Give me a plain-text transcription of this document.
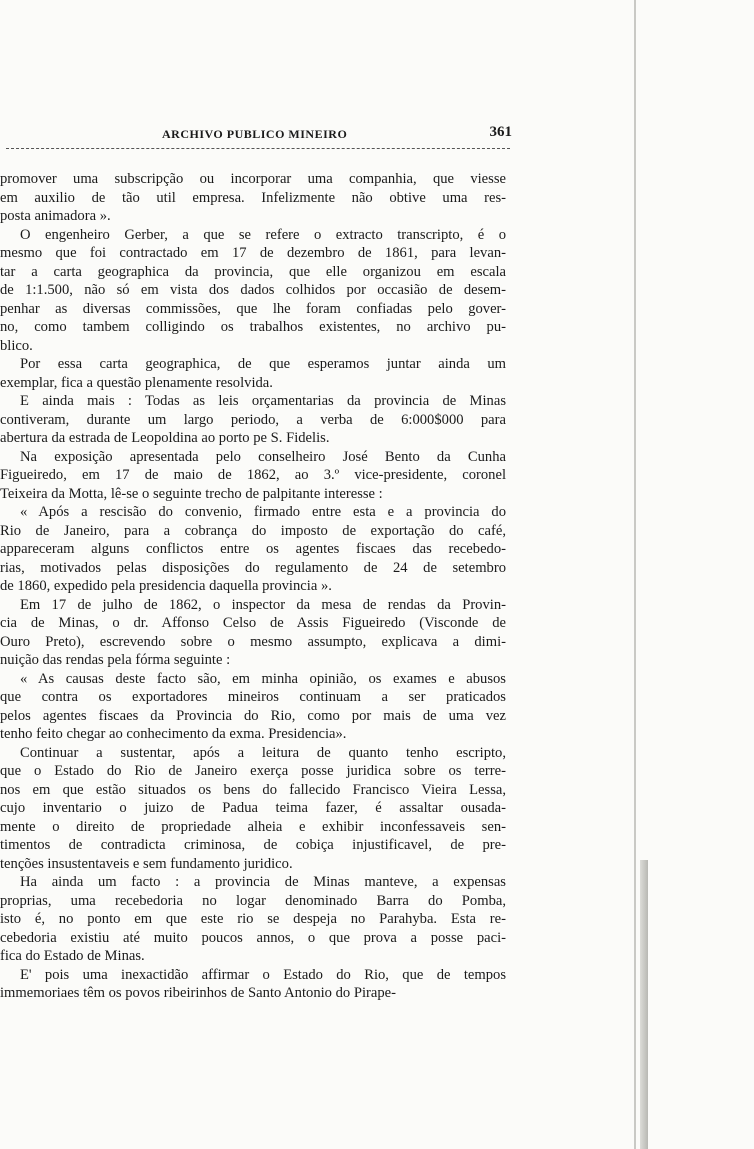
ARCHIVO PUBLICO MINEIRO	361

promover uma subscripção ou incorporar uma companhia, que viesse
em auxilio de tão util empresa. Infelizmente não obtive uma res-
posta animadora ».

O engenheiro Gerber, a que se refere o extracto transcripto, é o
mesmo que foi contractado em 17 de dezembro de 1861, para levan-
tar a carta geographica da provincia, que elle organizou em escala
de 1:1.500, não só em vista dos dados colhidos por occasião de desem-
penhar as diversas commissões, que lhe foram confiadas pelo gover-
no, como tambem colligindo os trabalhos existentes, no archivo pu-
blico.

Por essa carta geographica, de que esperamos juntar ainda um
exemplar, fica a questão plenamente resolvida.

E ainda mais : Todas as leis orçamentarias da provincia de Minas
contiveram, durante um largo periodo, a verba de 6:000$000 para
abertura da estrada de Leopoldina ao porto pe S. Fidelis.

Na exposição apresentada pelo conselheiro José Bento da Cunha
Figueiredo, em 17 de maio de 1862, ao 3.º vice-presidente, coronel
Teixeira da Motta, lê-se o seguinte trecho de palpitante interesse :

« Após a rescisão do convenio, firmado entre esta e a provincia do
Rio de Janeiro, para a cobrança do imposto de exportação do café,
appareceram alguns conflictos entre os agentes fiscaes das recebedo-
rias, motivados pelas disposições do regulamento de 24 de setembro
de 1860, expedido pela presidencia daquella provincia ».

Em 17 de julho de 1862, o inspector da mesa de rendas da Provin-
cia de Minas, o dr. Affonso Celso de Assis Figueiredo (Visconde de
Ouro Preto), escrevendo sobre o mesmo assumpto, explicava a dimi-
nuição das rendas pela fórma seguinte :

« As causas deste facto são, em minha opinião, os exames e abusos
que contra os exportadores mineiros continuam a ser praticados
pelos agentes fiscaes da Provincia do Rio, como por mais de uma vez
tenho feito chegar ao conhecimento da exma. Presidencia».

Continuar a sustentar, após a leitura de quanto tenho escripto,
que o Estado do Rio de Janeiro exerça posse juridica sobre os terre-
nos em que estão situados os bens do fallecido Francisco Vieira Lessa,
cujo inventario o juizo de Padua teima fazer, é assaltar ousada-
mente o direito de propriedade alheia e exhibir inconfessaveis sen-
timentos de contradicta criminosa, de cobiça injustificavel, de pre-
tenções insustentaveis e sem fundamento juridico.

Ha ainda um facto : a provincia de Minas manteve, a expensas
proprias, uma recebedoria no logar denominado Barra do Pomba,
isto é, no ponto em que este rio se despeja no Parahyba. Esta re-
cebedoria existiu até muito poucos annos, o que prova a posse paci-
fica do Estado de Minas.

E' pois uma inexactidão affirmar o Estado do Rio, que de tempos
immemoriaes têm os povos ribeirinhos de Santo Antonio do Pirape-
